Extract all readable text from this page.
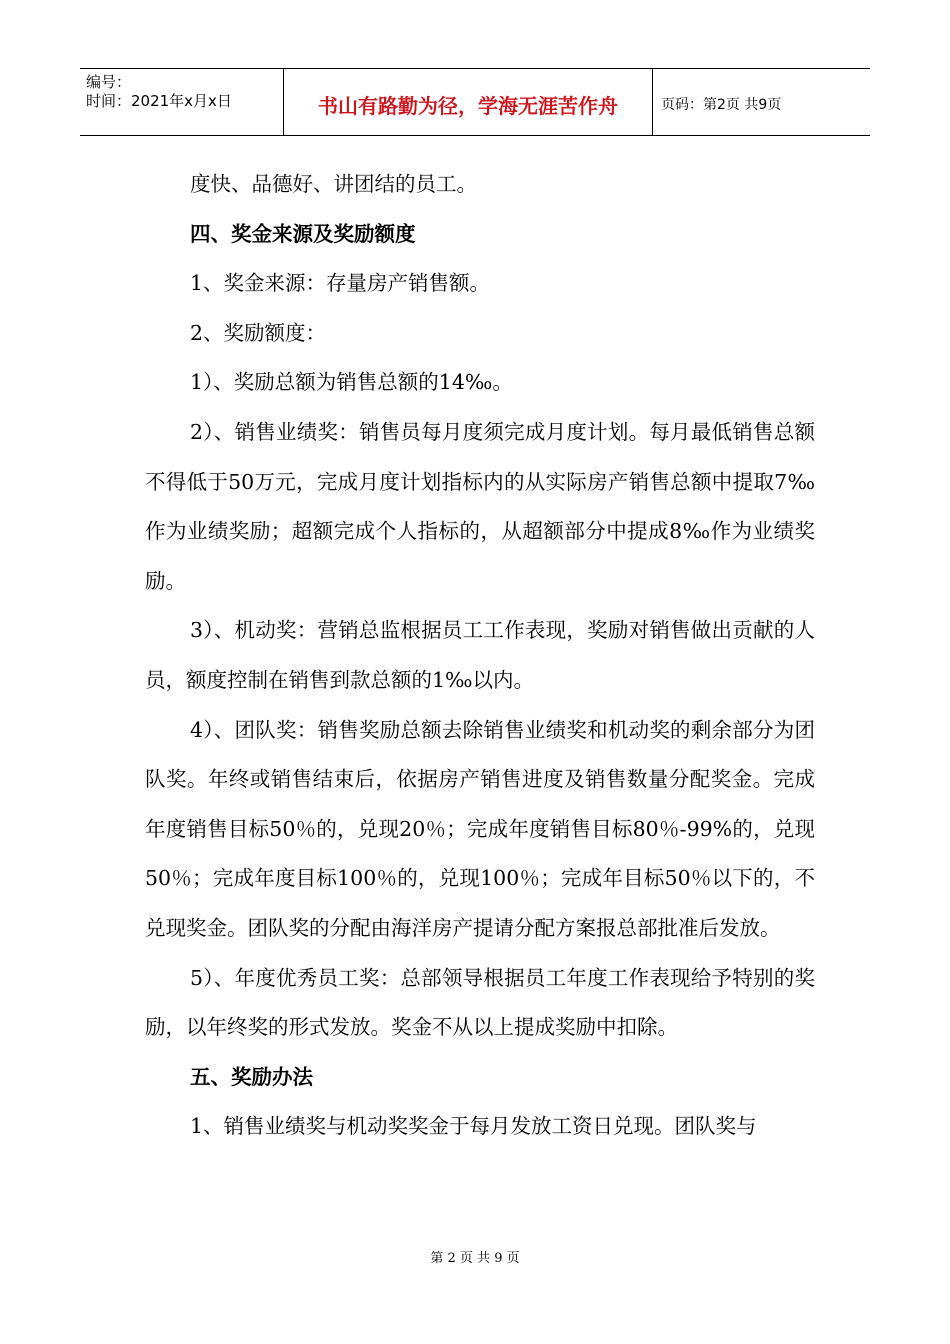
编号：
时间：2021年x月x日	书山有路勤为径，学海无涯苦作舟	页码：第2页 共9页

度快、品德好、讲团结的员工。

四、奖金来源及奖励额度

1、奖金来源：存量房产销售额。

2、奖励额度：

1）、奖励总额为销售总额的14‰。

2）、销售业绩奖：销售员每月度须完成月度计划。每月最低销售总额不得低于50万元，完成月度计划指标内的从实际房产销售总额中提取7‰作为业绩奖励；超额完成个人指标的，从超额部分中提成8‰作为业绩奖励。

3）、机动奖：营销总监根据员工工作表现，奖励对销售做出贡献的人员，额度控制在销售到款总额的1‰以内。

4）、团队奖：销售奖励总额去除销售业绩奖和机动奖的剩余部分为团队奖。年终或销售结束后，依据房产销售进度及销售数量分配奖金。完成年度销售目标50％的，兑现20％；完成年度销售目标80％-99%的，兑现50％；完成年度目标100％的，兑现100％；完成年目标50％以下的，不兑现奖金。团队奖的分配由海洋房产提请分配方案报总部批准后发放。

5）、年度优秀员工奖：总部领导根据员工年度工作表现给予特别的奖励，以年终奖的形式发放。奖金不从以上提成奖励中扣除。

五、奖励办法

1、销售业绩奖与机动奖奖金于每月发放工资日兑现。团队奖与

第 2 页 共 9 页
